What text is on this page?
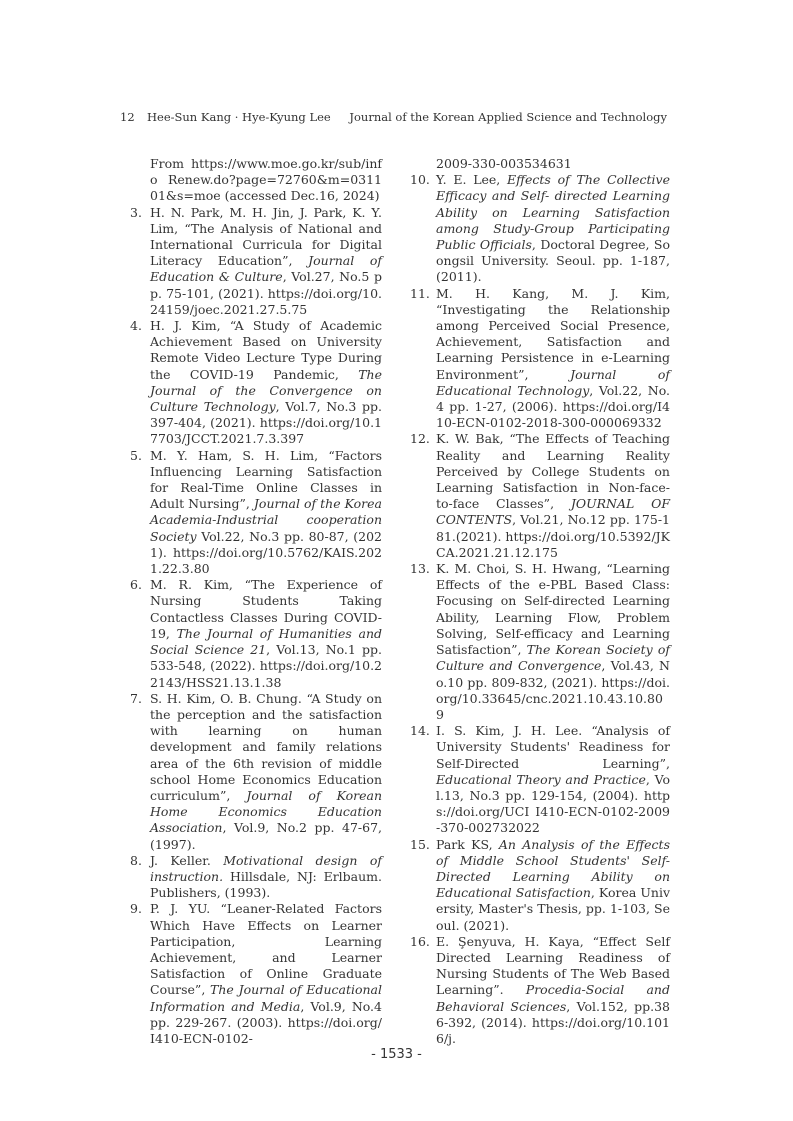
12 Hee-Sun Kang · Hye-Kyung Lee Journal of the Korean Applied Science and Technology
From https://www.moe.go.kr/sub/info Renew.do?page=72760&m=031101&s=moe (accessed Dec.16, 2024)
3. H. N. Park, M. H. Jin, J. Park, K. Y. Lim, “The Analysis of National and International Curricula for Digital Literacy Education”, Journal of Education & Culture, Vol.27, No.5 pp. 75-101, (2021). https://doi.org/10.24159/joec.2021.27.5.75
4. H. J. Kim, “A Study of Academic Achievement Based on University Remote Video Lecture Type During the COVID-19 Pandemic, The Journal of the Convergence on Culture Technology, Vol.7, No.3 pp.397-404, (2021). https://doi.org/10.17703/JCCT.2021.7.3.397
5. M. Y. Ham, S. H. Lim, “Factors Influencing Learning Satisfaction for Real-Time Online Classes in Adult Nursing”, Journal of the Korea Academia-Industrial cooperation Society Vol.22, No.3 pp. 80-87, (2021). https://doi.org/10.5762/KAIS.2021.22.3.80
6. M. R. Kim, “The Experience of Nursing Students Taking Contactless Classes During COVID-19, The Journal of Humanities and Social Science 21, Vol.13, No.1 pp. 533-548, (2022). https://doi.org/10.22143/HSS21.13.1.38
7. S. H. Kim, O. B. Chung. “A Study on the perception and the satisfaction with learning on human development and family relations area of the 6th revision of middle school Home Economics Education curriculum”, Journal of Korean Home Economics Education Association, Vol.9, No.2 pp. 47-67, (1997).
8. J. Keller. Motivational design of instruction. Hillsdale, NJ: Erlbaum. Publishers, (1993).
9. P. J. YU. “Leaner-Related Factors Which Have Effects on Learner Participation, Learning Achievement, and Learner Satisfaction of Online Graduate Course”, The Journal of Educational Information and Media, Vol.9, No.4 pp. 229-267. (2003). https://doi.org/I410-ECN-0102-
2009-330-003534631
10. Y. E. Lee, Effects of The Collective Efficacy and Self- directed Learning Ability on Learning Satisfaction among Study-Group Participating Public Officials, Doctoral Degree, Soongsil University. Seoul. pp. 1-187, (2011).
11. M. H. Kang, M. J. Kim, “Investigating the Relationship among Perceived Social Presence, Achievement, Satisfaction and Learning Persistence in e-Learning Environment”, Journal of Educational Technology, Vol.22, No.4 pp. 1-27, (2006). https://doi.org/I410-ECN-0102-2018-300-000069332
12. K. W. Bak, “The Effects of Teaching Reality and Learning Reality Perceived by College Students on Learning Satisfaction in Non-face-to-face Classes”, JOURNAL OF CONTENTS, Vol.21, No.12 pp. 175-181.(2021). https://doi.org/10.5392/JKCA.2021.21.12.175
13. K. M. Choi, S. H. Hwang, “Learning Effects of the e-PBL Based Class: Focusing on Self-directed Learning Ability, Learning Flow, Problem Solving, Self-efficacy and Learning Satisfaction”, The Korean Society of Culture and Convergence, Vol.43, No.10 pp. 809-832, (2021). https://doi.org/10.33645/cnc.2021.10.43.10.809
14. I. S. Kim, J. H. Lee. “Analysis of University Students' Readiness for Self-Directed Learning”, Educational Theory and Practice, Vol.13, No.3 pp. 129-154, (2004). https://doi.org/UCI I410-ECN-0102-2009-370-002732022
15. Park KS, An Analysis of the Effects of Middle School Students' Self-Directed Learning Ability on Educational Satisfaction, Korea University, Master's Thesis, pp. 1-103, Seoul. (2021).
16. E. Şenyuva, H. Kaya, “Effect Self Directed Learning Readiness of Nursing Students of The Web Based Learning”. Procedia-Social and Behavioral Sciences, Vol.152, pp.386-392, (2014). https://doi.org/10.1016/j.
- 1533 -
